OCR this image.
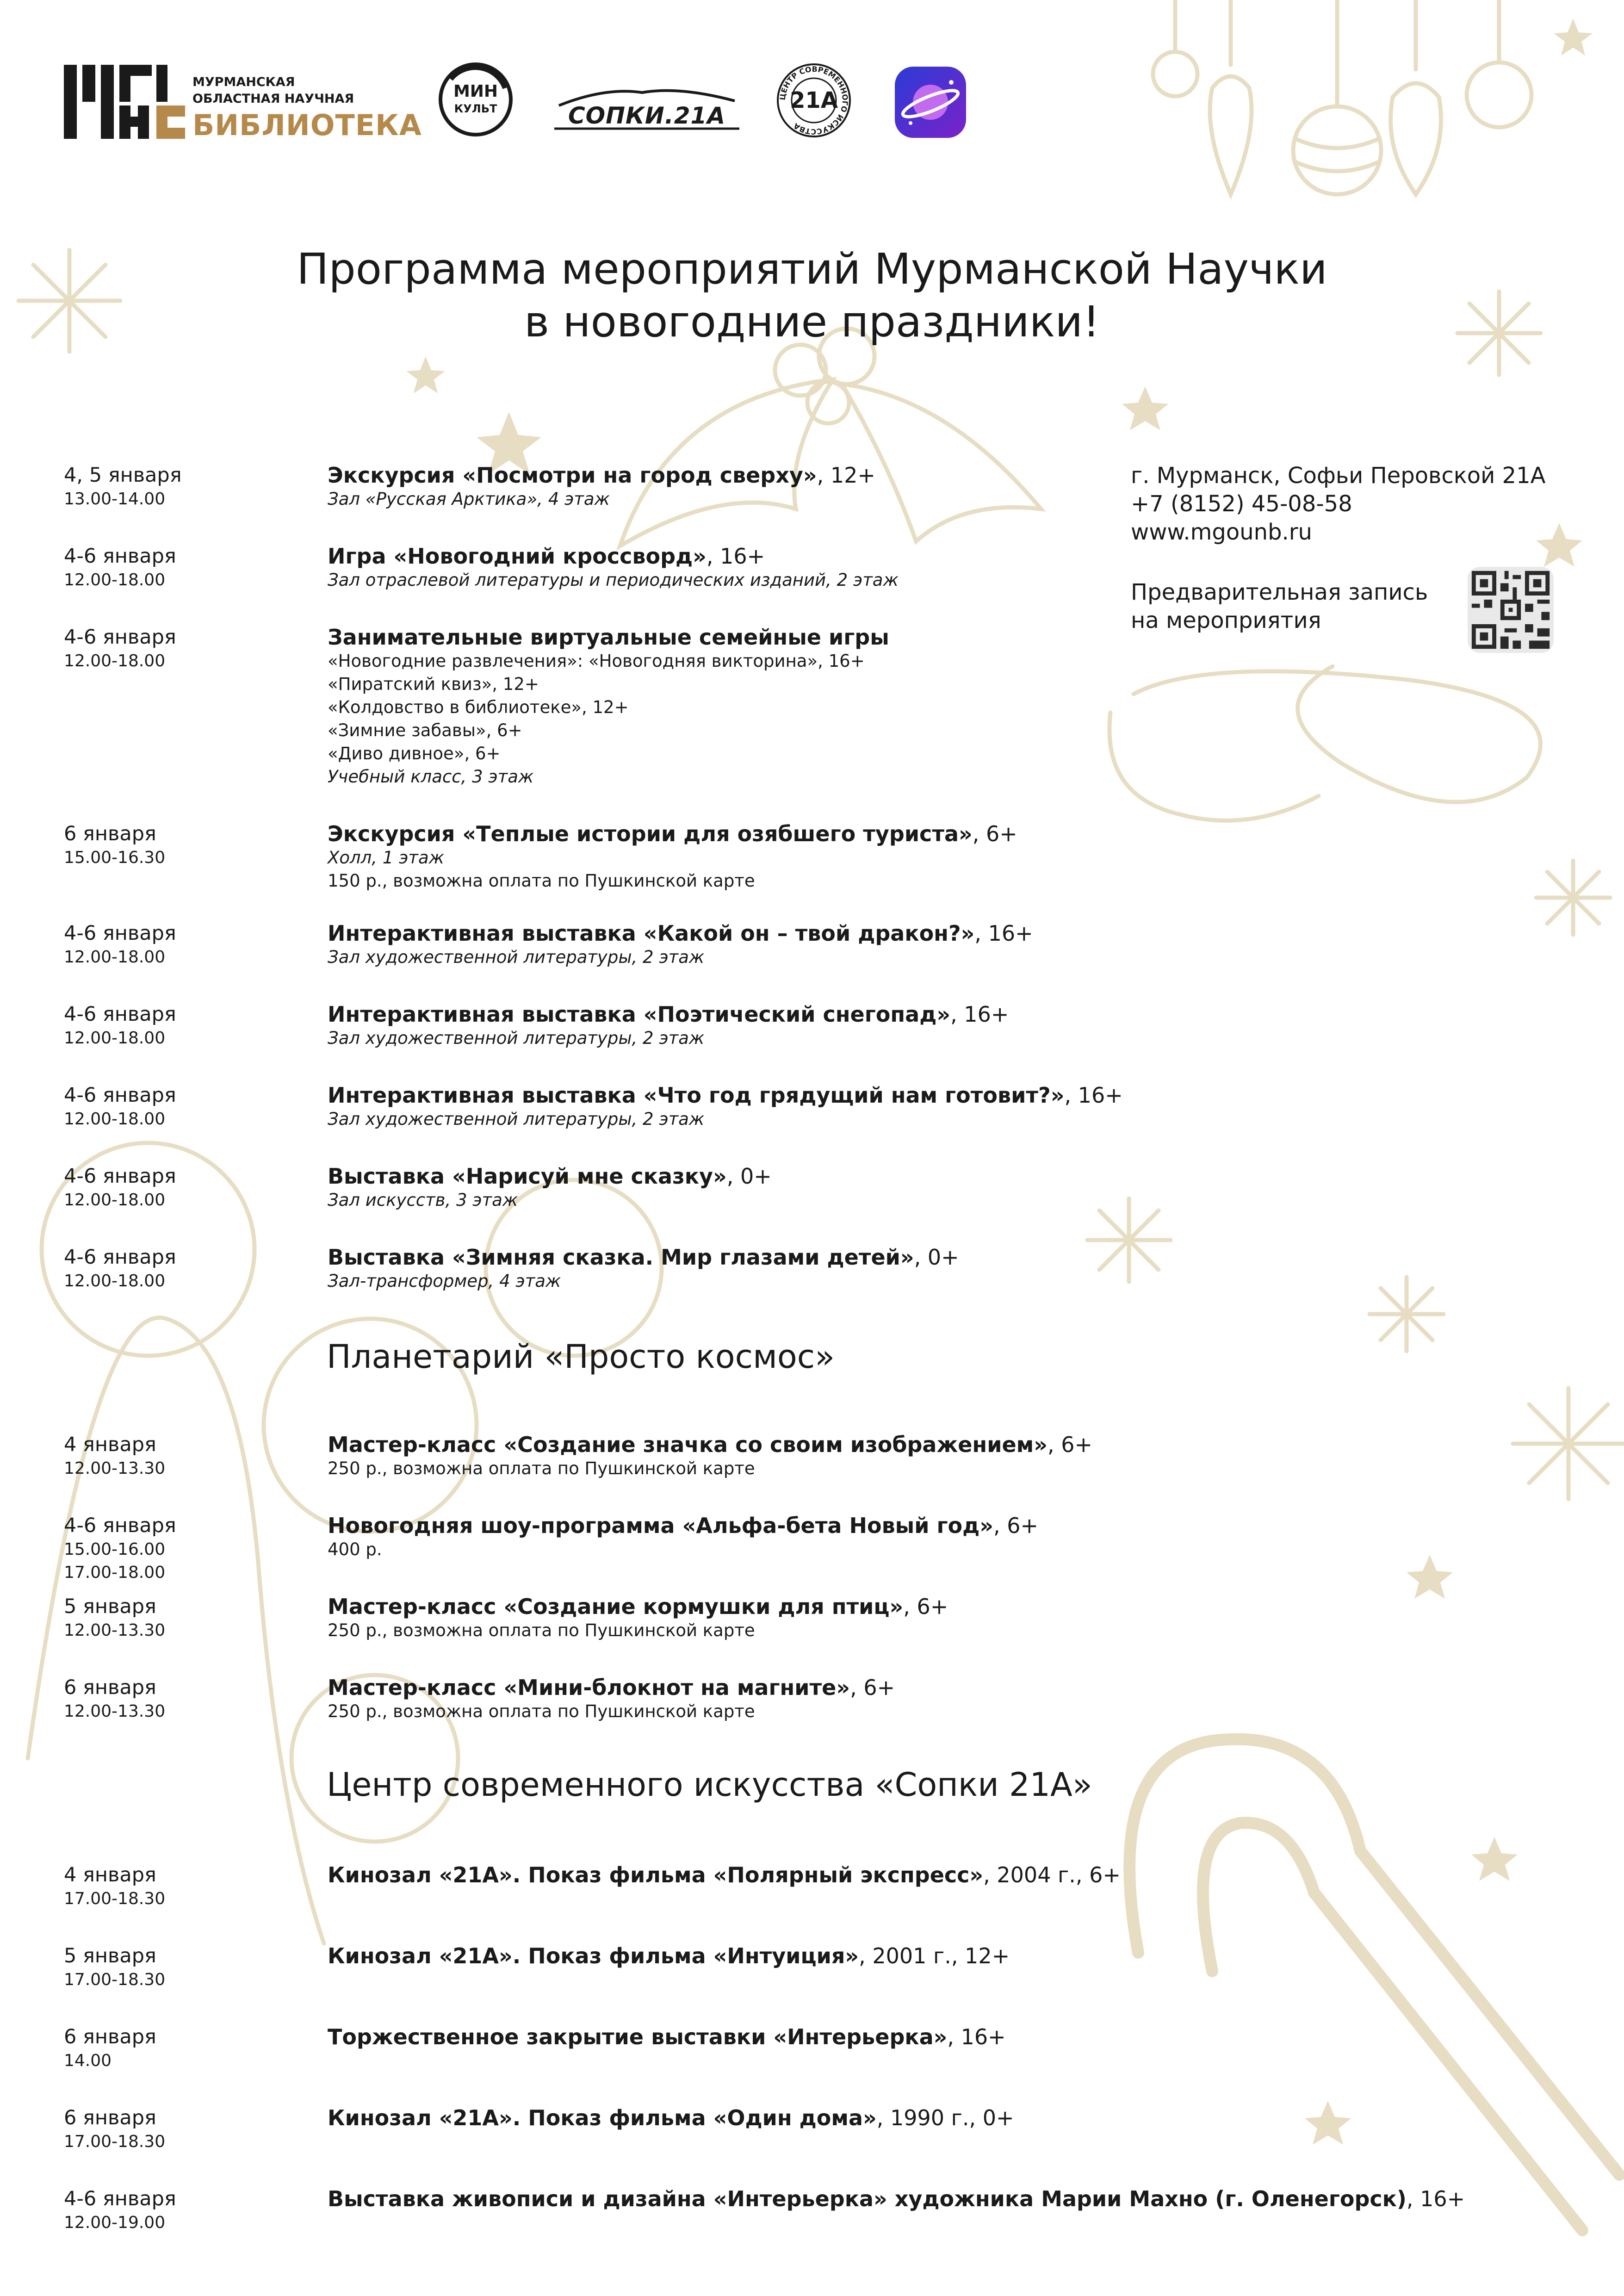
МУРМАНСКАЯ
ОБЛАСТНАЯ НАУЧНАЯ
БИБЛИОТЕКА
МИН
КУЛЬТ	СОПКИ.21А
ЦЕНТР СОВРЕМЕННОГО ИСКУССТВА
21А
Программа мероприятий Мурманской Научки
в новогодние праздники!
г. Мурманск, Софьи Перовской 21А
+7 (8152) 45-08-58
www.mgounb.ru
Предварительная запись
на мероприятия
4, 5 января
13.00-14.00
Экскурсия «Посмотри на город сверху», 12+
Зал «Русская Арктика», 4 этаж
4-6 января
12.00-18.00
Игра «Новогодний кроссворд», 16+
Зал отраслевой литературы и периодических изданий, 2 этаж
4-6 января
12.00-18.00
Занимательные виртуальные семейные игры
«Новогодние развлечения»: «Новогодняя викторина», 16+
«Пиратский квиз», 12+
«Колдовство в библиотеке», 12+
«Зимние забавы», 6+
«Диво дивное», 6+
Учебный класс, 3 этаж
6 января
15.00-16.30
Экскурсия «Теплые истории для озябшего туриста», 6+
Холл, 1 этаж
150 р., возможна оплата по Пушкинской карте
4-6 января
12.00-18.00
Интерактивная выставка «Какой он – твой дракон?», 16+
Зал художественной литературы, 2 этаж
4-6 января
12.00-18.00
Интерактивная выставка «Поэтический снегопад», 16+
Зал художественной литературы, 2 этаж
4-6 января
12.00-18.00
Интерактивная выставка «Что год грядущий нам готовит?», 16+
Зал художественной литературы, 2 этаж
4-6 января
12.00-18.00
Выставка «Нарисуй мне сказку», 0+
Зал искусств, 3 этаж
4-6 января
12.00-18.00
Выставка «Зимняя сказка. Мир глазами детей», 0+
Зал-трансформер, 4 этаж
Планетарий «Просто космос»
4 января
12.00-13.30
Мастер-класс «Создание значка со своим изображением», 6+
250 р., возможна оплата по Пушкинской карте
4-6 января
15.00-16.00
17.00-18.00
Новогодняя шоу-программа «Альфа-бета Новый год», 6+
400 р.
5 января
12.00-13.30
Мастер-класс «Создание кормушки для птиц», 6+
250 р., возможна оплата по Пушкинской карте
6 января
12.00-13.30
Мастер-класс «Мини-блокнот на магните», 6+
250 р., возможна оплата по Пушкинской карте
Центр современного искусства «Сопки 21А»
4 января
17.00-18.30
Кинозал «21А». Показ фильма «Полярный экспресс», 2004 г., 6+
5 января
17.00-18.30
Кинозал «21А». Показ фильма «Интуиция», 2001 г., 12+
6 января
14.00
Торжественное закрытие выставки «Интерьерка», 16+
6 января
17.00-18.30
Кинозал «21А». Показ фильма «Один дома», 1990 г., 0+
4-6 января
12.00-19.00
Выставка живописи и дизайна «Интерьерка» художника Марии Махно (г. Оленегорск), 16+
